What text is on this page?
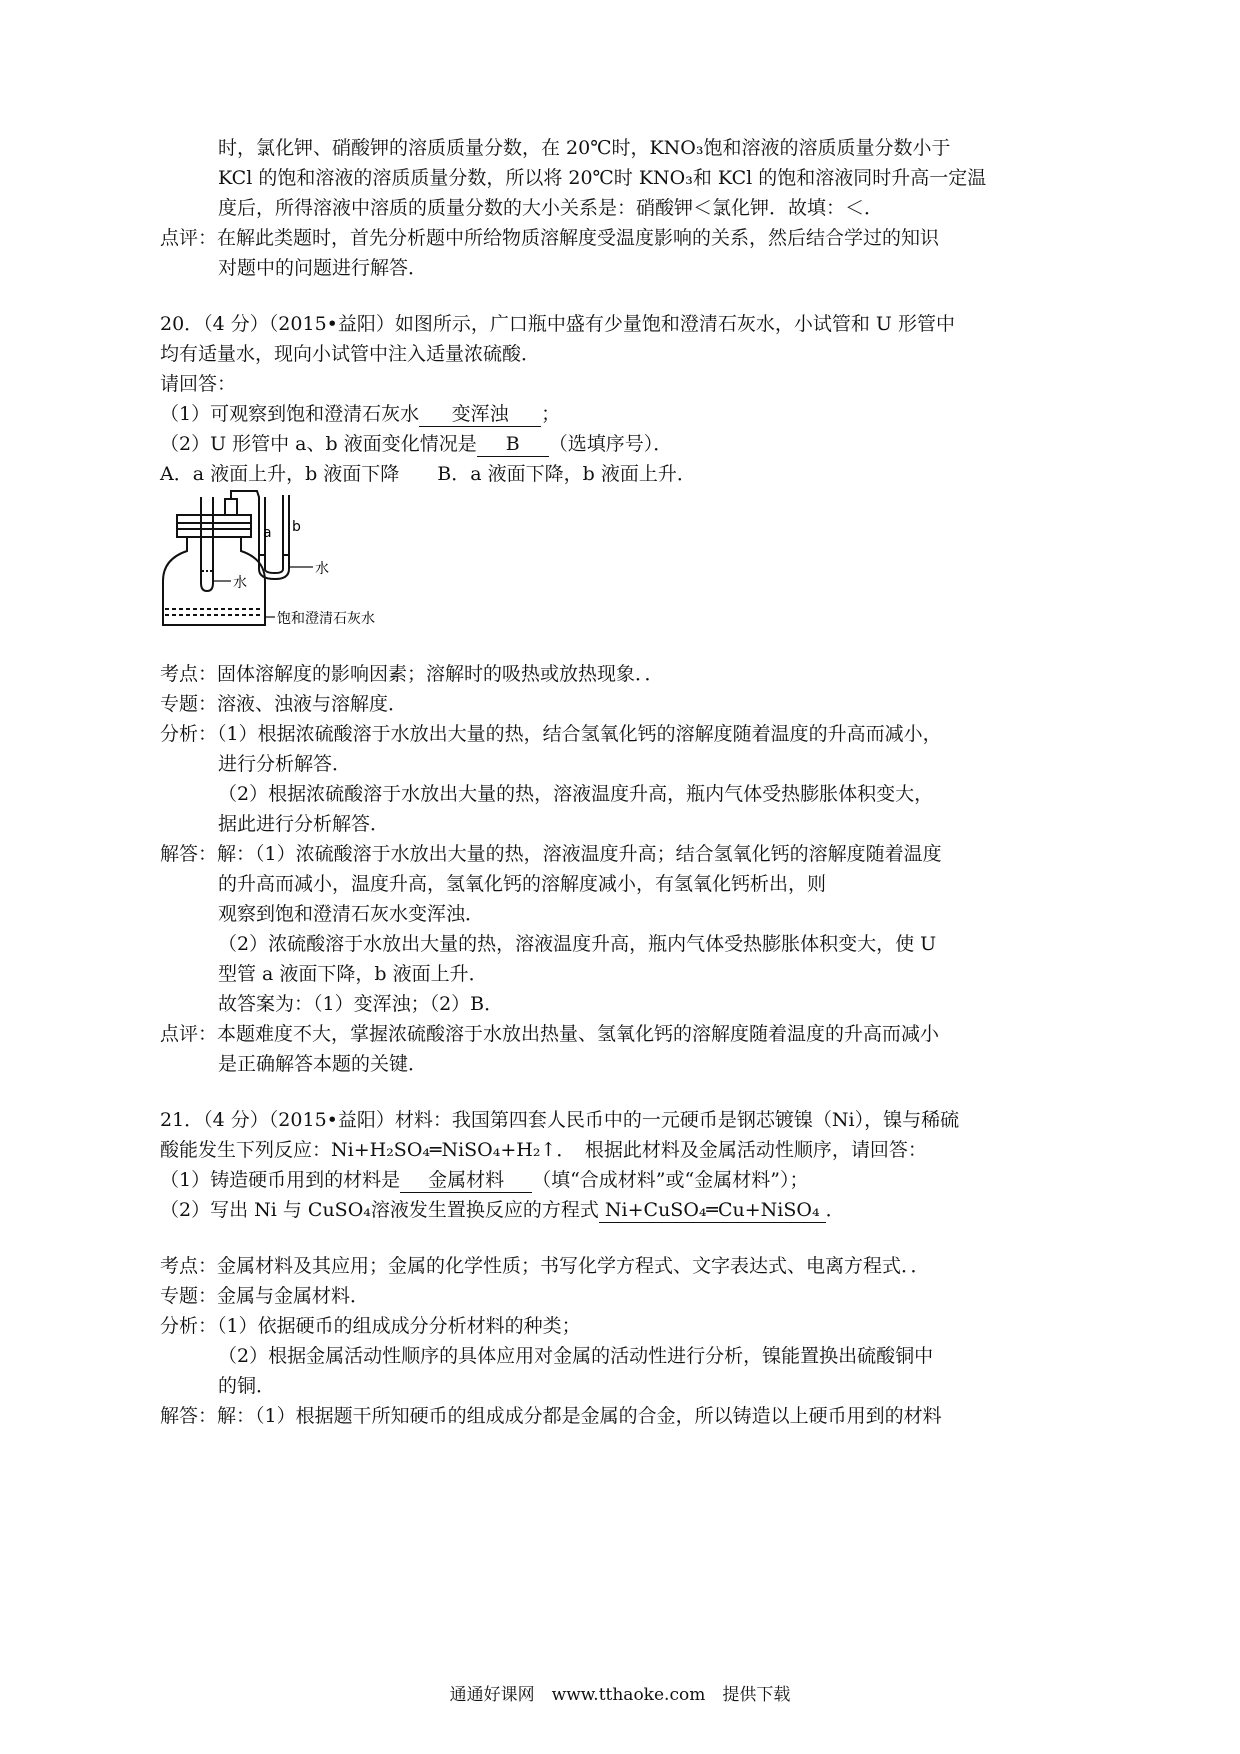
时，氯化钾、硝酸钾的溶质质量分数，在 20℃时，KNO₃饱和溶液的溶质质量分数小于
KCl 的饱和溶液的溶质质量分数，所以将 20℃时 KNO₃和 KCl 的饱和溶液同时升高一定温
度后，所得溶液中溶质的质量分数的大小关系是：硝酸钾＜氯化钾．故填：＜．
点评：在解此类题时，首先分析题中所给物质溶解度受温度影响的关系，然后结合学过的知识
对题中的问题进行解答．
20．（4 分）（2015•益阳）如图所示，广口瓶中盛有少量饱和澄清石灰水，小试管和 U 形管中
均有适量水，现向小试管中注入适量浓硫酸．
请回答：
（1）可观察到饱和澄清石灰水 变浑浊 ；
（2）U 形管中 a、b 液面变化情况是 B （选填序号）．
A．a 液面上升，b 液面下降　　B．a 液面下降，b 液面上升．
a b
水
水
饱和澄清石灰水
考点：固体溶解度的影响因素；溶解时的吸热或放热现象．．
专题：溶液、浊液与溶解度．
分析：（1）根据浓硫酸溶于水放出大量的热，结合氢氧化钙的溶解度随着温度的升高而减小，
进行分析解答．
（2）根据浓硫酸溶于水放出大量的热，溶液温度升高，瓶内气体受热膨胀体积变大，
据此进行分析解答．
解答：解：（1）浓硫酸溶于水放出大量的热，溶液温度升高；结合氢氧化钙的溶解度随着温度
的升高而减小，温度升高，氢氧化钙的溶解度减小，有氢氧化钙析出，则
观察到饱和澄清石灰水变浑浊．
（2）浓硫酸溶于水放出大量的热，溶液温度升高，瓶内气体受热膨胀体积变大，使 U
型管 a 液面下降，b 液面上升．
故答案为：（1）变浑浊；（2）B．
点评：本题难度不大，掌握浓硫酸溶于水放出热量、氢氧化钙的溶解度随着温度的升高而减小
是正确解答本题的关键．
21．（4 分）（2015•益阳）材料：我国第四套人民币中的一元硬币是钢芯镀镍（Ni），镍与稀硫
酸能发生下列反应：Ni+H₂SO₄═NiSO₄+H₂↑．　根据此材料及金属活动性顺序，请回答：
（1）铸造硬币用到的材料是 金属材料 （填“合成材料”或“金属材料”）；
（2）写出 Ni 与 CuSO₄溶液发生置换反应的方程式 Ni+CuSO₄═Cu+NiSO₄ ．
考点：金属材料及其应用；金属的化学性质；书写化学方程式、文字表达式、电离方程式．．
专题：金属与金属材料．
分析：（1）依据硬币的组成成分分析材料的种类；
（2）根据金属活动性顺序的具体应用对金属的活动性进行分析，镍能置换出硫酸铜中
的铜．
解答：解：（1）根据题干所知硬币的组成成分都是金属的合金，所以铸造以上硬币用到的材料
通通好课网　www.tthaoke.com　提供下载
